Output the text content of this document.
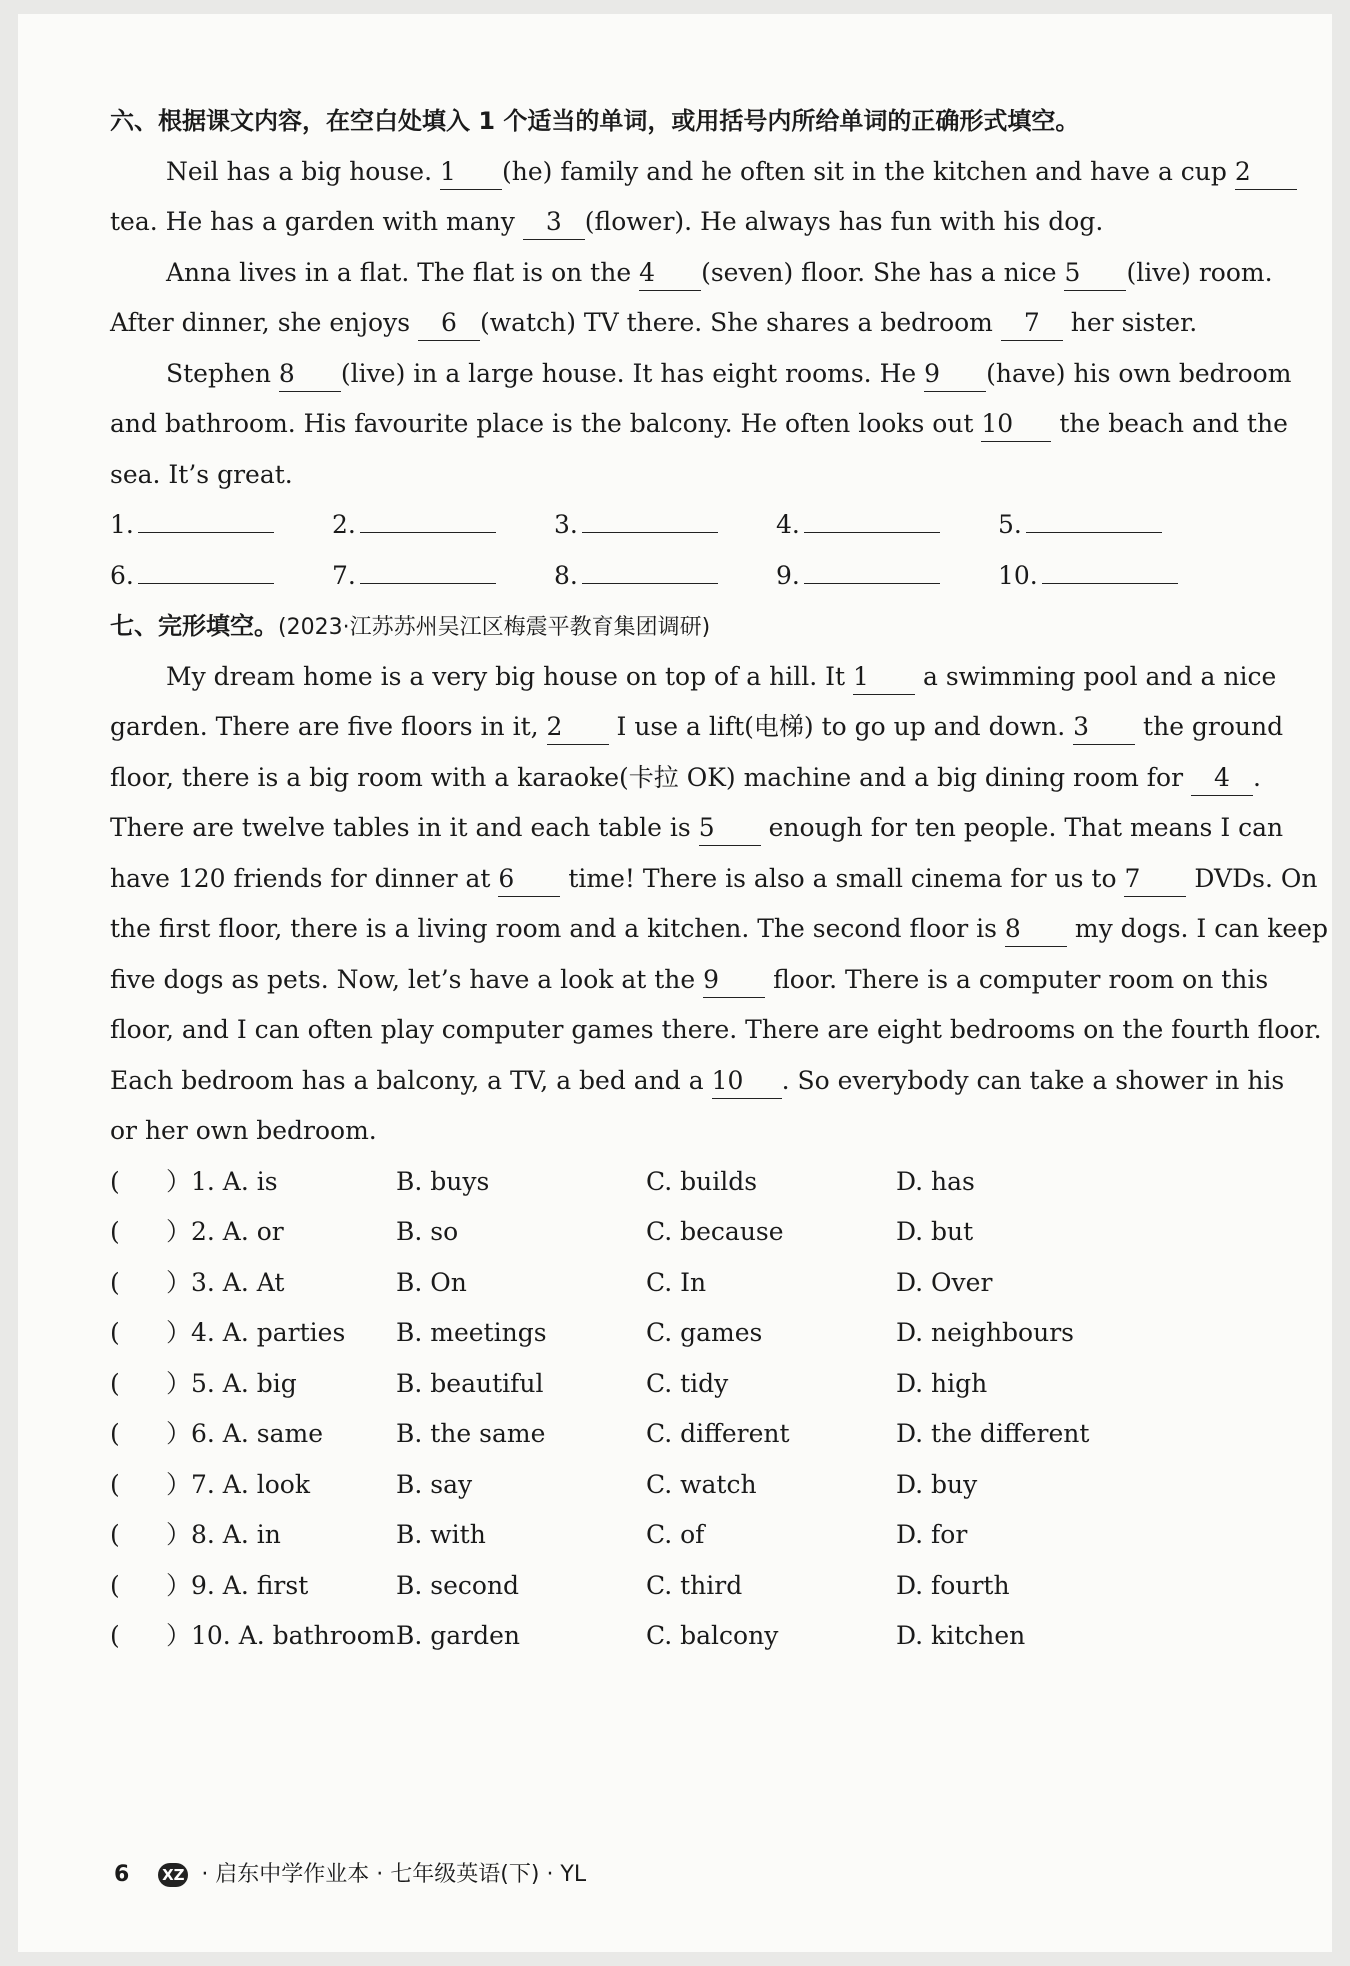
六、根据课文内容，在空白处填入 1 个适当的单词，或用括号内所给单词的正确形式填空。
Neil has a big house. 1 (he) family and he often sit in the kitchen and have a cup 2
tea. He has a garden with many 3 (flower). He always has fun with his dog.
Anna lives in a flat. The flat is on the 4 (seven) floor. She has a nice 5 (live) room.
After dinner, she enjoys 6 (watch) TV there. She shares a bedroom 7 her sister.
Stephen 8 (live) in a large house. It has eight rooms. He 9 (have) his own bedroom
and bathroom. His favourite place is the balcony. He often looks out 10 the beach and the
sea. It’s great.
1.	2.	3.	4.	5.
6.	7.	8.	9.	10.
七、完形填空。(2023·江苏苏州吴江区梅震平教育集团调研)
My dream home is a very big house on top of a hill. It 1 a swimming pool and a nice
garden. There are five floors in it, 2 I use a lift(电梯) to go up and down. 3 the ground
floor, there is a big room with a karaoke(卡拉 OK) machine and a big dining room for 4 .
There are twelve tables in it and each table is 5 enough for ten people. That means I can
have 120 friends for dinner at 6 time! There is also a small cinema for us to 7 DVDs. On
the first floor, there is a living room and a kitchen. The second floor is 8 my dogs. I can keep
five dogs as pets. Now, let’s have a look at the 9 floor. There is a computer room on this
floor, and I can often play computer games there. There are eight bedrooms on the fourth floor.
Each bedroom has a balcony, a TV, a bed and a 10 . So everybody can take a shower in his
or her own bedroom.
( ）1. A. is	B. buys	C. builds	D. has
( ）2. A. or	B. so	C. because	D. but
( ）3. A. At	B. On	C. In	D. Over
( ）4. A. parties B. meetings	C. games	D. neighbours
( ）5. A. big	B. beautiful	C. tidy	D. high
( ）6. A. same	B. the same	C. different	D. the different
( ）7. A. look	B. say	C. watch	D. buy
( ）8. A. in	B. with	C. of	D. for
( ）9. A. first	B. second	C. third	D. fourth
( ）10. A. bathroom B. garden	C. balcony	D. kitchen
6 XZ · 启东中学作业本 · 七年级英语(下) · YL
